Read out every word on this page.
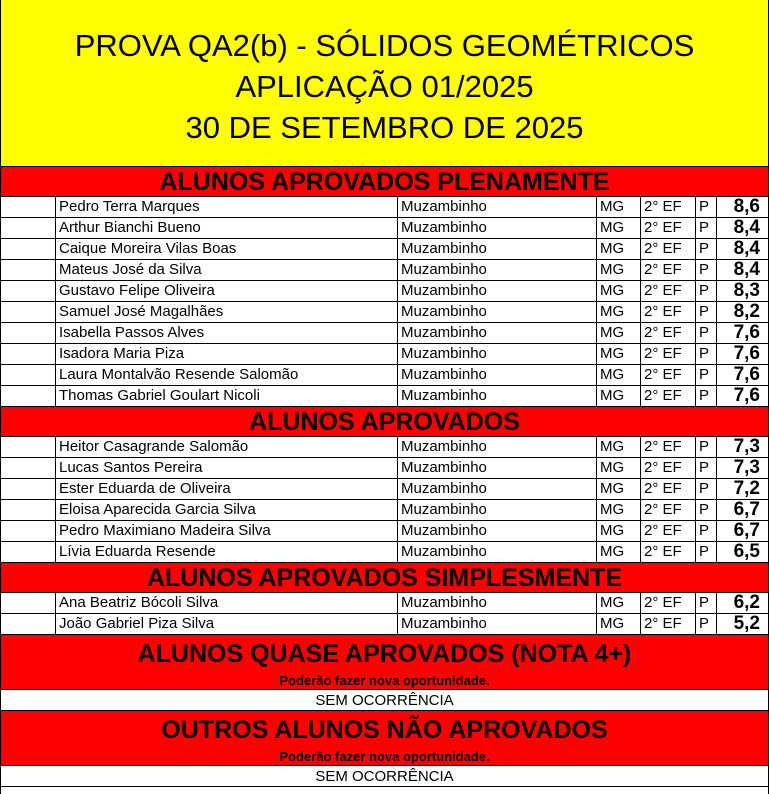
PROVA QA2(b) - SÓLIDOS GEOMÉTRICOS
APLICAÇÃO 01/2025
30 DE SETEMBRO DE 2025
ALUNOS APROVADOS PLENAMENTE
Pedro Terra Marques	Muzambinho	MG	2° EF	P	8,6
Arthur Bianchi Bueno	Muzambinho	MG	2° EF	P	8,4
Caique Moreira Vilas Boas	Muzambinho	MG	2° EF	P	8,4
Mateus José da Silva	Muzambinho	MG	2° EF	P	8,4
Gustavo Felipe Oliveira	Muzambinho	MG	2° EF	P	8,3
Samuel José Magalhães	Muzambinho	MG	2° EF	P	8,2
Isabella Passos Alves	Muzambinho	MG	2° EF	P	7,6
Isadora Maria Piza	Muzambinho	MG	2° EF	P	7,6
Laura Montalvão Resende Salomão	Muzambinho	MG	2° EF	P	7,6
Thomas Gabriel Goulart Nicoli	Muzambinho	MG	2° EF	P	7,6
ALUNOS APROVADOS
Heitor Casagrande Salomão	Muzambinho	MG	2° EF	P	7,3
Lucas Santos Pereira	Muzambinho	MG	2° EF	P	7,3
Ester Eduarda de Oliveira	Muzambinho	MG	2° EF	P	7,2
Eloisa Aparecida Garcia Silva	Muzambinho	MG	2° EF	P	6,7
Pedro Maximiano Madeira Silva	Muzambinho	MG	2° EF	P	6,7
Lívia Eduarda Resende	Muzambinho	MG	2° EF	P	6,5
ALUNOS APROVADOS SIMPLESMENTE
Ana Beatriz Bócoli Silva	Muzambinho	MG	2° EF	P	6,2
João Gabriel Piza Silva	Muzambinho	MG	2° EF	P	5,2
ALUNOS QUASE APROVADOS (NOTA 4+)
Poderão fazer nova oportunidade.
SEM OCORRÊNCIA
OUTROS ALUNOS NÃO APROVADOS
Poderão fazer nova oportunidade.
SEM OCORRÊNCIA
